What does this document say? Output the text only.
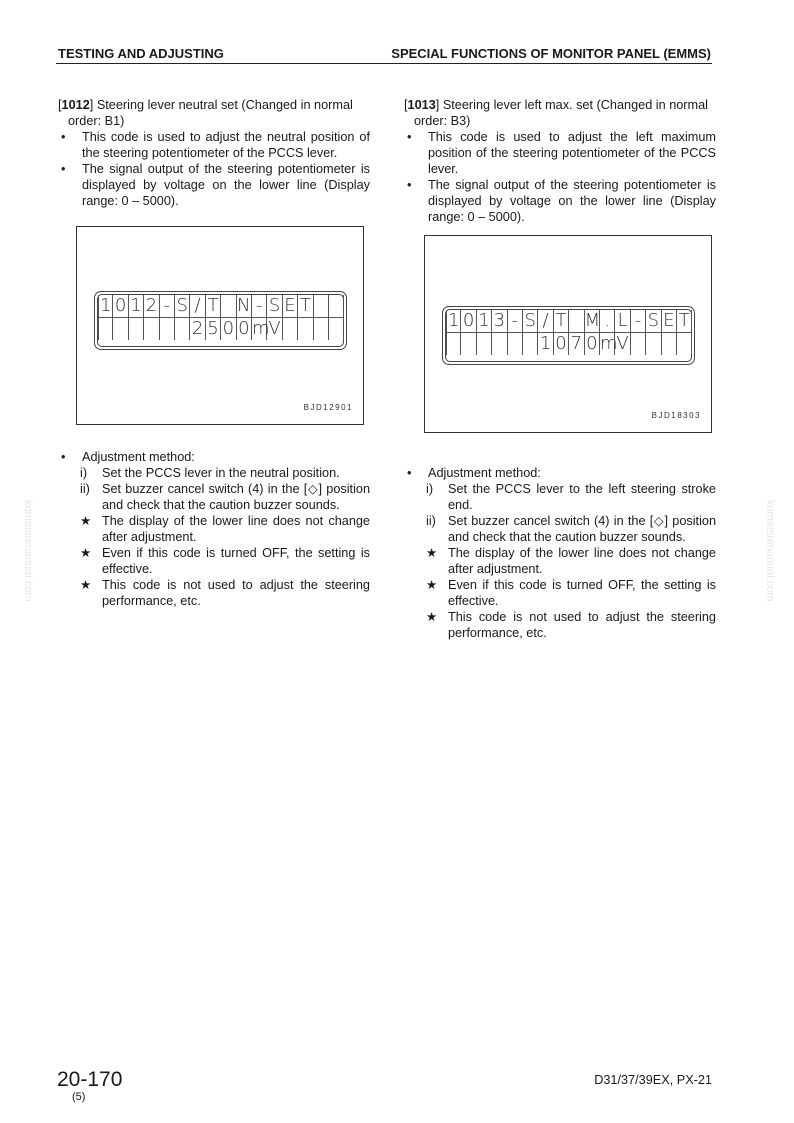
TESTING AND ADJUSTING	SPECIAL FUNCTIONS OF MONITOR PANEL (EMMS)
komatsumanual.com	komatsumanual.com
[1012] Steering lever neutral set (Changed in normal order: B1)
• This code is used to adjust the neutral position of the steering potentiometer of the PCCS lever.
• The signal output of the steering potentiometer is displayed by voltage on the lower line (Display range: 0 – 5000).
1 0 1 2 - S / T N - S E T
2 5 0 0 m
V
BJD12901
• Adjustment method:
i) Set the PCCS lever in the neutral position.
ii) Set buzzer cancel switch (4) in the [◇] position and check that the caution buzzer sounds.
★ The display of the lower line does not change after adjustment.
★ Even if this code is turned OFF, the setting is effective.
★ This code is not used to adjust the steering performance, etc.
[1013] Steering lever left max. set (Changed in normal order: B3)
• This code is used to adjust the left maximum position of the steering potentiometer of the PCCS lever.
• The signal output of the steering potentiometer is displayed by voltage on the lower line (Display range: 0 – 5000).
1 0 1 3 - S / T M . L - S E T
1 0 7 0 m
V
BJD18303
• Adjustment method:
i) Set the PCCS lever to the left steering stroke end.
ii) Set buzzer cancel switch (4) in the [◇] position and check that the caution buzzer sounds.
★ The display of the lower line does not change after adjustment.
★ Even if this code is turned OFF, the setting is effective.
★ This code is not used to adjust the steering performance, etc.
20-170
(5)
D31/37/39EX, PX-21
